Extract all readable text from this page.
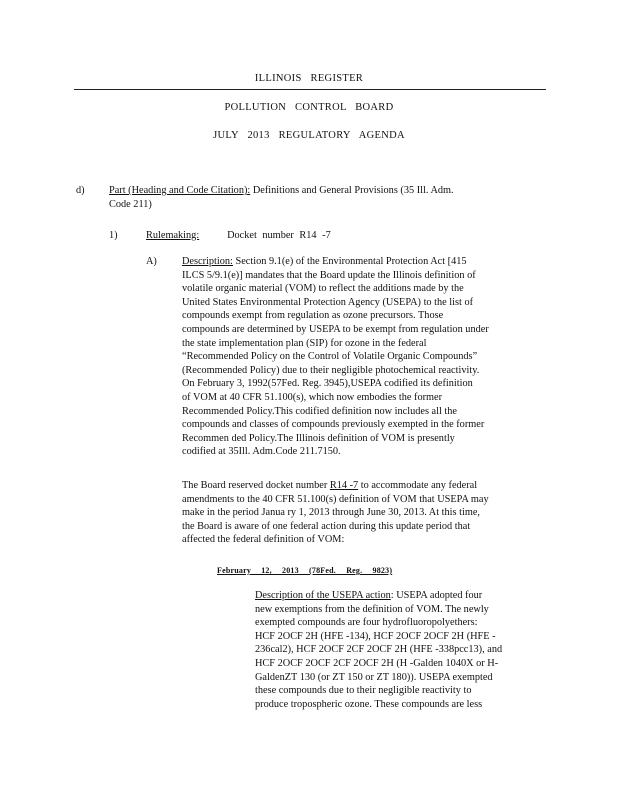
ILLINOIS REGISTER
POLLUTION CONTROL BOARD
JULY 2013 REGULATORY AGENDA
d) Part (Heading and Code Citation): Definitions and General Provisions (35 Ill. Adm.

Code 211)

1)	Rulemaking:	Docket number R14 -7
A) Description: Section 9.1(e) of the Environmental Protection Act [415

ILCS 5/9.1(e)] mandates that the Board update the Illinois definition of

volatile organic material (VOM) to reflect the additions made by the

United States Environmental Protection Agency (USEPA) to the list of

compounds exempt from regulation as ozone precursors. Those

compounds are determined by USEPA to be exempt from regulation under

the state implementation plan (SIP) for ozone in the federal

“Recommended Policy on the Control of Volatile Organic Compounds”

(Recommended Policy) due to their negligible photochemical reactivity.

On February 3, 1992(57Fed. Reg. 3945),USEPA codified its definition

of VOM at 40 CFR 51.100(s), which now embodies the former

Recommended Policy.This codified definition now includes all the

compounds and classes of compounds previously exempted in the former

Recommen ded Policy.The Illinois definition of VOM is presently

codified at 35Ill. Adm.Code 211.7150.

The Board reserved docket number R14 -7 to accommodate any federal

amendments to the 40 CFR 51.100(s) definition of VOM that USEPA may

make in the period Janua ry 1, 2013 through June 30, 2013. At this time,

the Board is aware of one federal action during this update period that

affected the federal definition of VOM:

February 12, 2013 (78Fed. Reg. 9823)

Description of the USEPA action: USEPA adopted four

new exemptions from the definition of VOM. The newly

exempted compounds are four hydrofluoropolyethers:

HCF 2OCF 2H (HFE -134), HCF 2OCF 2OCF 2H (HFE -

236cal2), HCF 2OCF 2CF 2OCF 2H (HFE -338pcc13), and

HCF 2OCF 2OCF 2CF 2OCF 2H (H -Galden 1040X or H-

GaldenZT 130 (or ZT 150 or ZT 180)). USEPA exempted

these compounds due to their negligible reactivity to

produce tropospheric ozone. These compounds are less
